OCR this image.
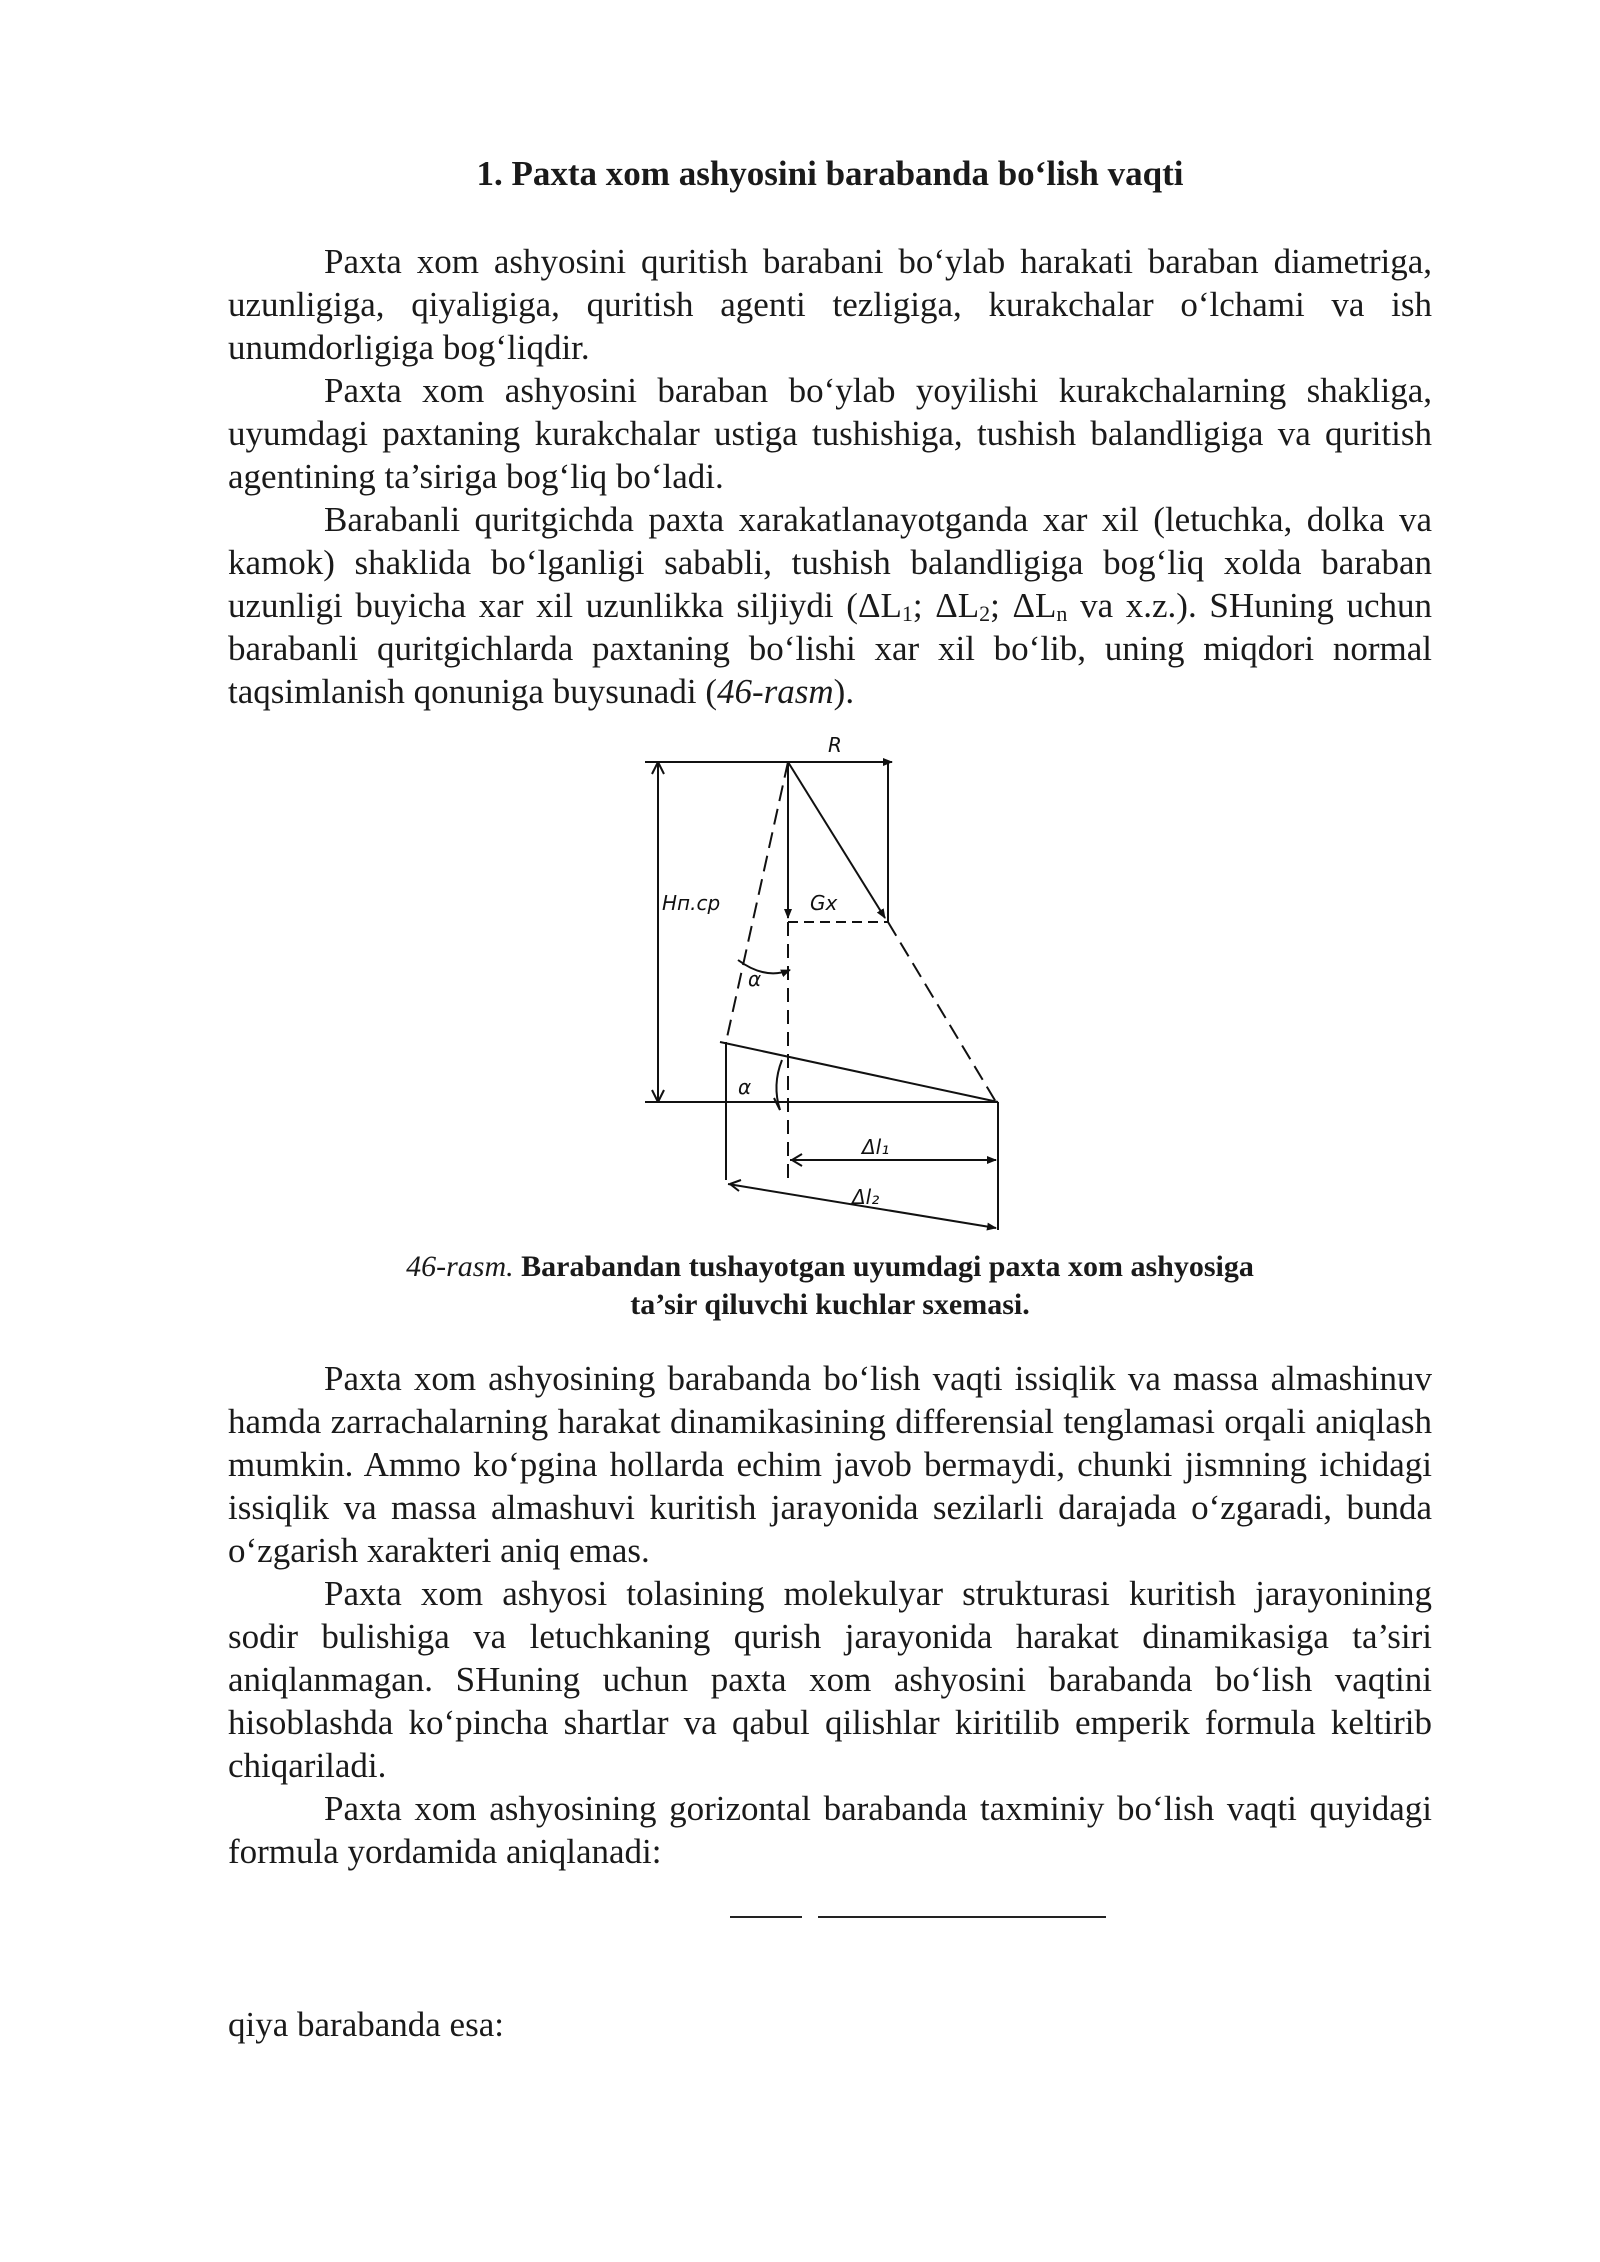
1. Paxta xom ashyosini barabanda bo‘lish vaqti

Paxta xom ashyosini quritish barabani bo‘ylab harakati baraban diametriga, uzunligiga, qiyaligiga, quritish agenti tezligiga, kurakchalar o‘lchami va ish unumdorligiga bog‘liqdir.

Paxta xom ashyosini baraban bo‘ylab yoyilishi kurakchalarning shakliga, uyumdagi paxtaning kurakchalar ustiga tushishiga, tushish balandligiga va quritish agentining ta’siriga bog‘liq bo‘ladi.

Barabanli quritgichda paxta xarakatlanayotganda xar xil (letuchka, dolka va kamok) shaklida bo‘lganligi sababli, tushish balandligiga bog‘liq xolda baraban uzunligi buyicha xar xil uzunlikka siljiydi ($\Delta L_1$; $\Delta L_2$; $\Delta L_n$ va x.z.). SHuning uchun barabanli quritgichlarda paxtaning bo‘lishi xar xil bo‘lib, uning miqdori normal taqsimlanish qonuniga buysunadi (46-rasm).

R
Hп.cp	Gx
α
α
Δl₁
Δl₂
46-rasm. Barabandan tushayotgan uyumdagi paxta xom ashyosiga
ta’sir qiluvchi kuchlar sxemasi.

Paxta xom ashyosining barabanda bo‘lish vaqti issiqlik va massa almashinuv hamda zarrachalarning harakat dinamikasining differensial tenglamasi orqali aniqlash mumkin. Ammo ko‘pgina hollarda echim javob bermaydi, chunki jismning ichidagi issiqlik va massa almashuvi kuritish jarayonida sezilarli darajada o‘zgaradi, bunda o‘zgarish xarakteri aniq emas.

Paxta xom ashyosi tolasining molekulyar strukturasi kuritish jarayonining sodir bulishiga va letuchkaning qurish jarayonida harakat dinamikasiga ta’siri aniqlanmagan. SHuning uchun paxta xom ashyosini barabanda bo‘lish vaqtini hisoblashda ko‘pincha shartlar va qabul qilishlar kiritilib emperik formula keltirib chiqariladi.

Paxta xom ashyosining gorizontal barabanda taxminiy bo‘lish vaqti quyidagi formula yordamida aniqlanadi:

qiya barabanda esa:
